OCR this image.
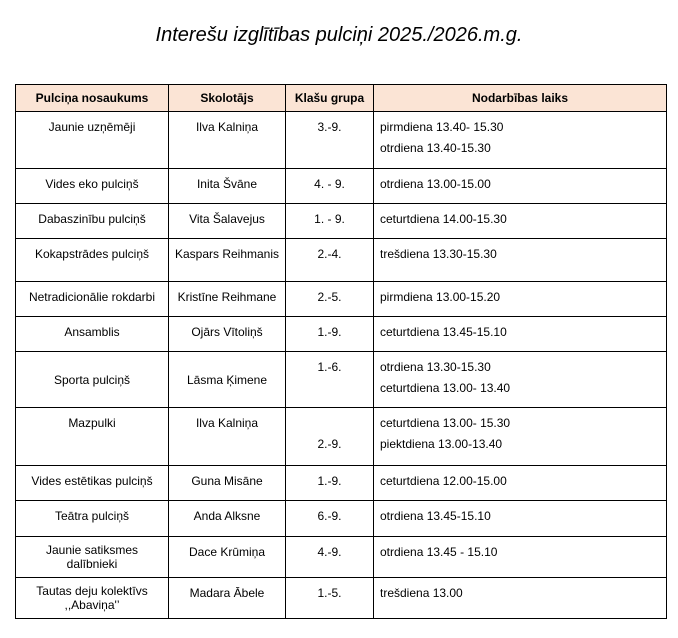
Interešu izglītības pulciņi 2025./2026.m.g.
Pulciņa nosaukums	Skolotājs	Klašu grupa	Nodarbības laiks

Jaunie uzņēmēji	Ilva Kalniņa	3.-9.	pirmdiena 13.40- 15.30
otrdiena 13.40-15.30

Vides eko pulciņš	Inita Švāne	4. - 9.	otrdiena 13.00-15.00

Dabaszinību pulciņš	Vita Šalavejus	1. - 9.	ceturtdiena 14.00-15.30

Kokapstrādes pulciņš	Kaspars Reihmanis	2.-4.	trešdiena 13.30-15.30

Netradicionālie rokdarbi	Kristīne Reihmane	2.-5.	pirmdiena 13.00-15.20

Ansamblis	Ojārs Vītoliņš	1.-9.	ceturtdiena 13.45-15.10

Sporta pulciņš	Lāsma Ķimene	1.-6.	otrdiena 13.30-15.30
ceturtdiena 13.00- 13.40

Mazpulki	Ilva Kalniņa	2.-9.	ceturtdiena 13.00- 15.30
piektdiena 13.00-13.40

Vides estētikas pulciņš	Guna Misāne	1.-9.	ceturtdiena 12.00-15.00

Teātra pulciņš	Anda Alksne	6.-9.	otrdiena 13.45-15.10

Jaunie satiksmes dalībnieki	Dace Krūmiņa	4.-9.	otrdiena 13.45 - 15.10

Tautas deju kolektīvs ,,Abaviņa'’	Madara Ābele	1.-5.	trešdiena 13.00
